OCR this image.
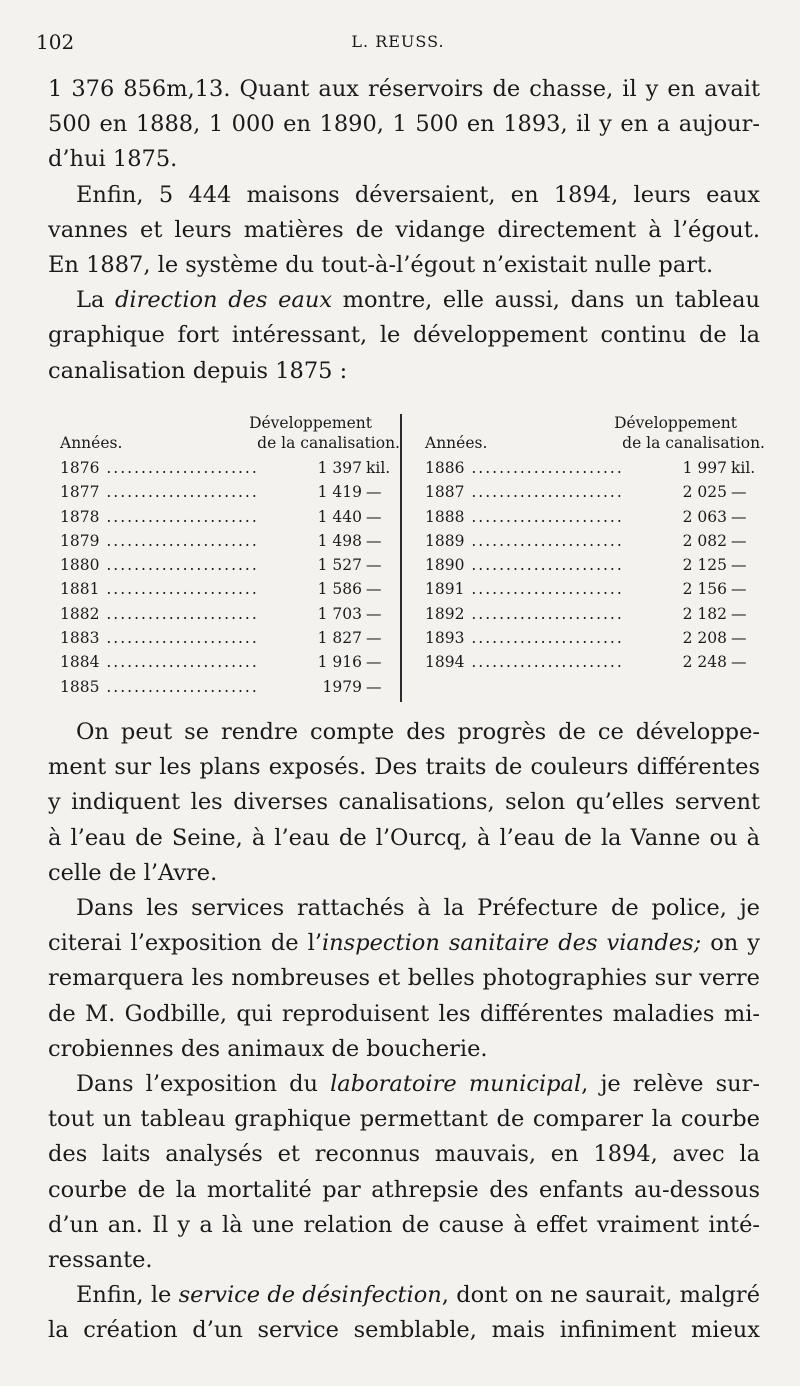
102	L. REUSS.

1 376 856m,13. Quant aux réservoirs de chasse, il y en avait

500 en 1888, 1 000 en 1890, 1 500 en 1893, il y en a aujour-

d’hui 1875.

Enfin, 5 444 maisons déversaient, en 1894, leurs eaux

vannes et leurs matières de vidange directement à l’égout.

En 1887, le système du tout-à-l’égout n’existait nulle part.

La direction des eaux montre, elle aussi, dans un tableau

graphique fort intéressant, le développement continu de la

canalisation depuis 1875 :

Années.
Développement
de la canalisation.
1876 .....	1 397 kil.
1877 .....	1 419 —
1878 .....	1 440 —
1879 .....	1 498 —
1880 .....	1 527 —
1881 .....	1 586 —
1882 .....	1 703 —
1883 .....	1 827 —
1884 .....	1 916 —
1885 .....	1979 —
Années.
Développement
de la canalisation.
1886 .....	1 997 kil.
1887 .....	2 025 —
1888 .....	2 063 —
1889 .....	2 082 —
1890 .....	2 125 —
1891 .....	2 156 —
1892 .....	2 182 —
1893 .....	2 208 —
1894 .....	2 248 —

On peut se rendre compte des progrès de ce développe-

ment sur les plans exposés. Des traits de couleurs différentes

y indiquent les diverses canalisations, selon qu’elles servent

à l’eau de Seine, à l’eau de l’Ourcq, à l’eau de la Vanne ou à

celle de l’Avre.

Dans les services rattachés à la Préfecture de police, je

citerai l’exposition de l’inspection sanitaire des viandes; on y

remarquera les nombreuses et belles photographies sur verre

de M. Godbille, qui reproduisent les différentes maladies mi-

crobiennes des animaux de boucherie.

Dans l’exposition du laboratoire municipal, je relève sur-

tout un tableau graphique permettant de comparer la courbe

des laits analysés et reconnus mauvais, en 1894, avec la

courbe de la mortalité par athrepsie des enfants au-dessous

d’un an. Il y a là une relation de cause à effet vraiment inté-

ressante.

Enfin, le service de désinfection, dont on ne saurait, malgré

la création d’un service semblable, mais infiniment mieux
